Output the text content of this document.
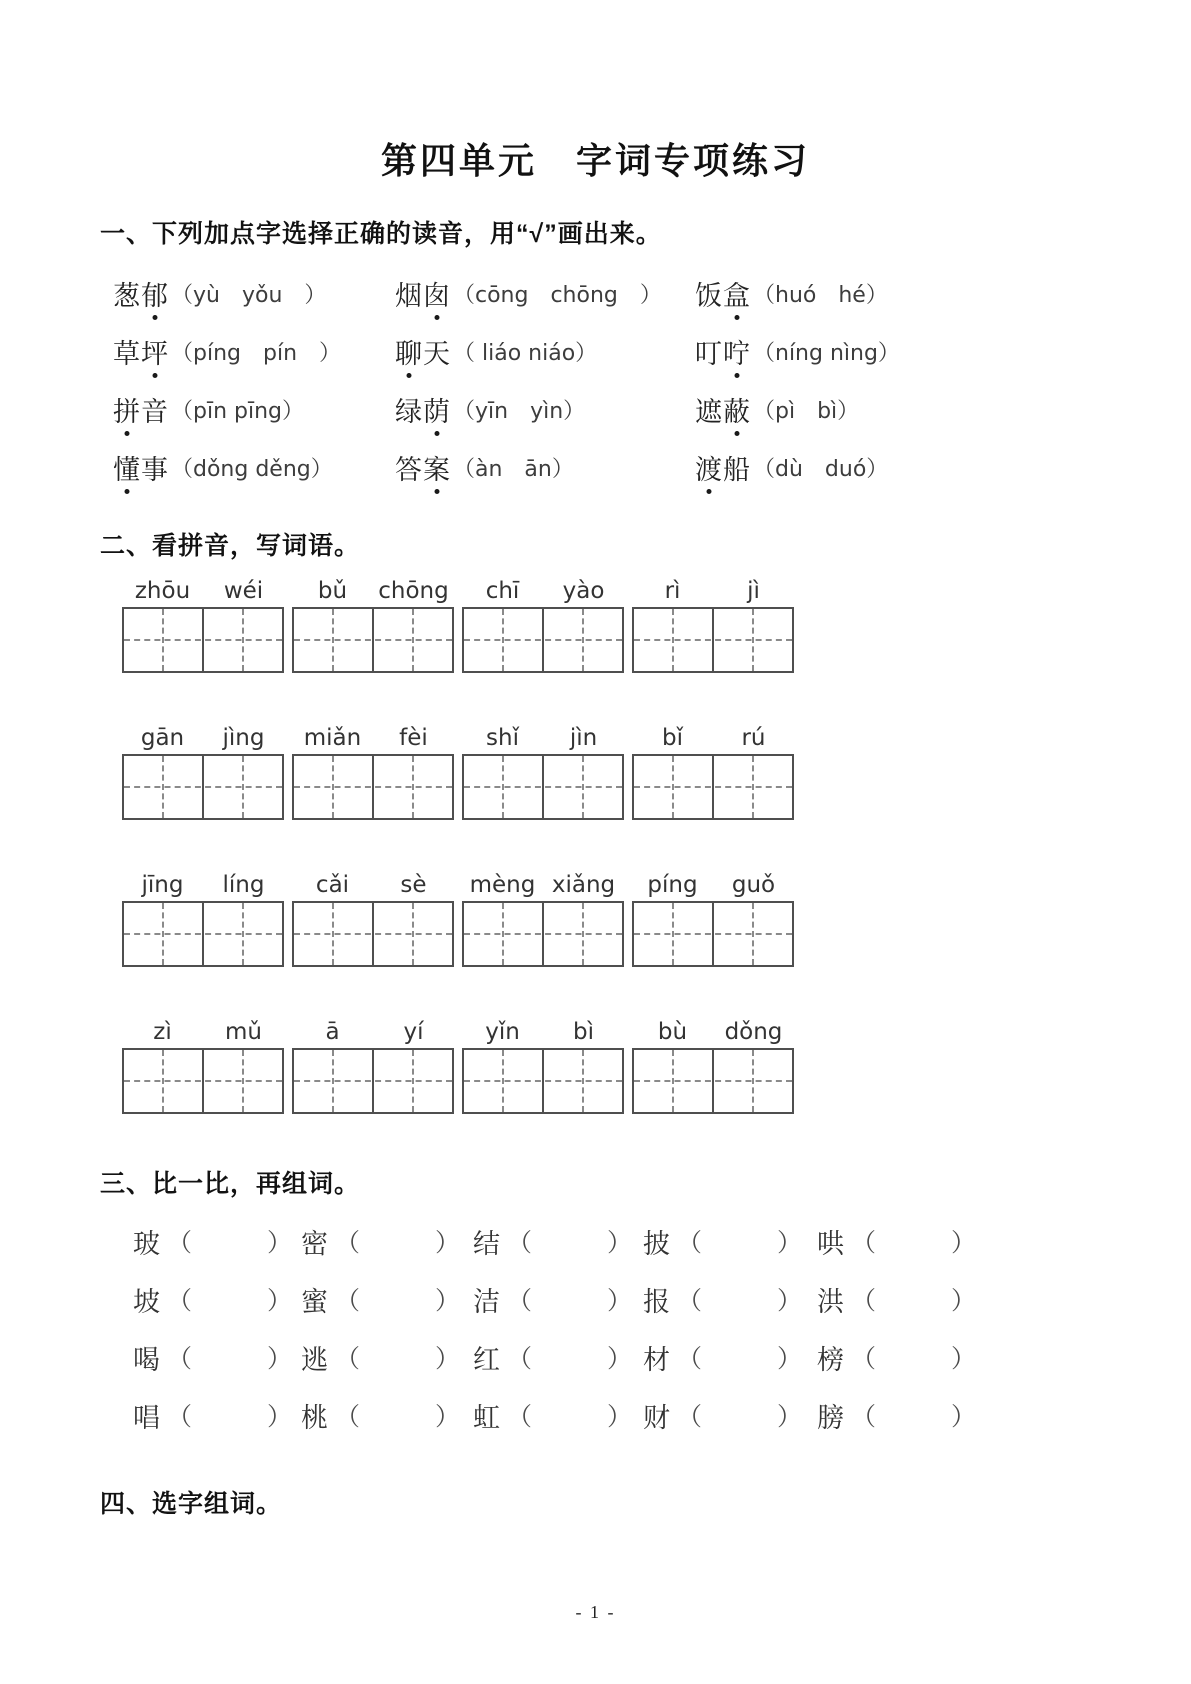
第四单元　字词专项练习
一、下列加点字选择正确的读音，用“√”画出来。
葱郁 （yù　yǒu　）	烟囱 （cōng　chōng　） 饭盒 （huó　hé）
草坪 （píng　pín　） 聊天 （ liáo niáo）	叮咛 （níng nìng）
拼音 （pīn pīng）	绿荫 （yīn　yìn）	遮蔽 （pì　bì）
懂事 （dǒng děng） 答案 （àn　ān）	渡船 （dù　duó）
二、看拼音，写词语。
zhōu	wéi	bǔ	chōng	chī	yào	rì	jì
gān	jìng	miǎn	fèi	shǐ	jìn	bǐ	rú
jīng	líng	cǎi	sè	mèng xiǎng	píng	guǒ
zì	mǔ	ā	yí	yǐn	bì	bù	dǒng
三、比一比，再组词。
玻 （　　　） 密 （　　　） 结 （　　　） 披 （　　　） 哄 （　　　）
坡 （　　　） 蜜 （　　　） 洁 （　　　） 报 （　　　） 洪 （　　　）
喝 （　　　） 逃 （　　　） 红 （　　　） 材 （　　　） 榜 （　　　）
唱 （　　　） 桃 （　　　） 虹 （　　　） 财 （　　　） 膀 （　　　）
四、选字组词。
- 1 -
